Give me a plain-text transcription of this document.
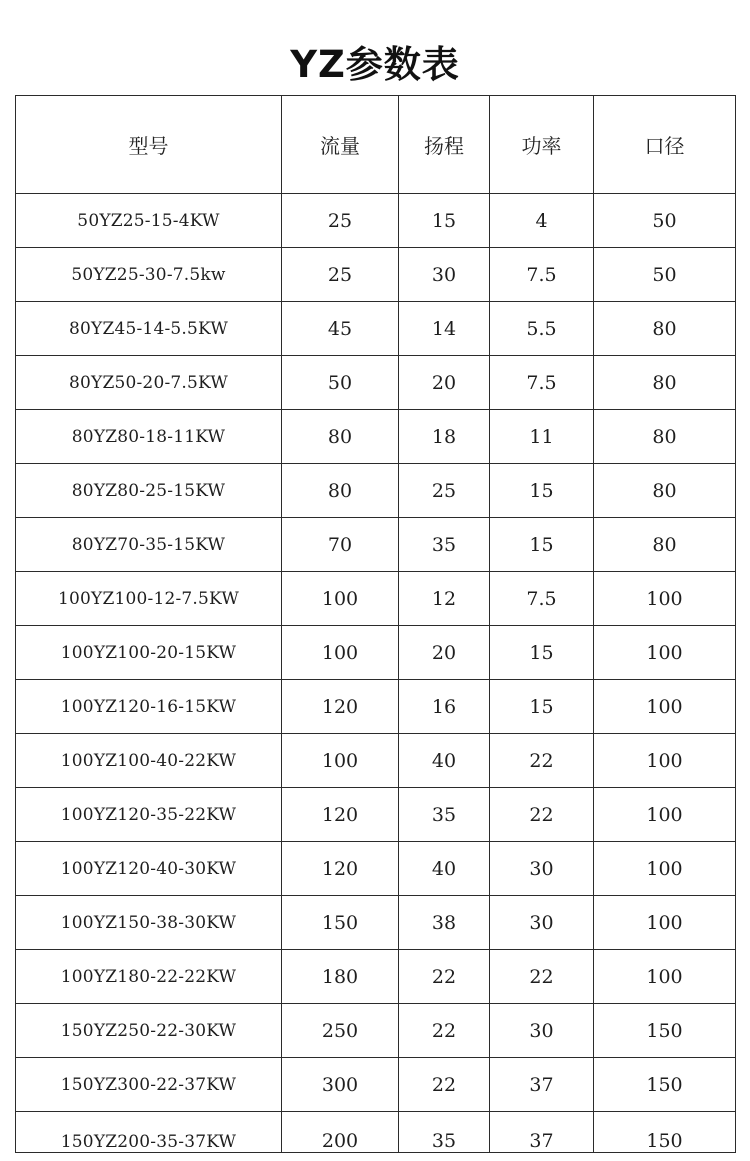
YZ参数表
型号	流量	扬程	功率	口径
50YZ25-15-4KW	25	15	4	50
50YZ25-30-7.5kw	25	30	7.5	50
80YZ45-14-5.5KW	45	14	5.5	80
80YZ50-20-7.5KW	50	20	7.5	80
80YZ80-18-11KW	80	18	11	80
80YZ80-25-15KW	80	25	15	80
80YZ70-35-15KW	70	35	15	80
100YZ100-12-7.5KW	100	12	7.5	100
100YZ100-20-15KW	100	20	15	100
100YZ120-16-15KW	120	16	15	100
100YZ100-40-22KW	100	40	22	100
100YZ120-35-22KW	120	35	22	100
100YZ120-40-30KW	120	40	30	100
100YZ150-38-30KW	150	38	30	100
100YZ180-22-22KW	180	22	22	100
150YZ250-22-30KW	250	22	30	150
150YZ300-22-37KW	300	22	37	150
150YZ200-35-37KW	200	35	37	150
